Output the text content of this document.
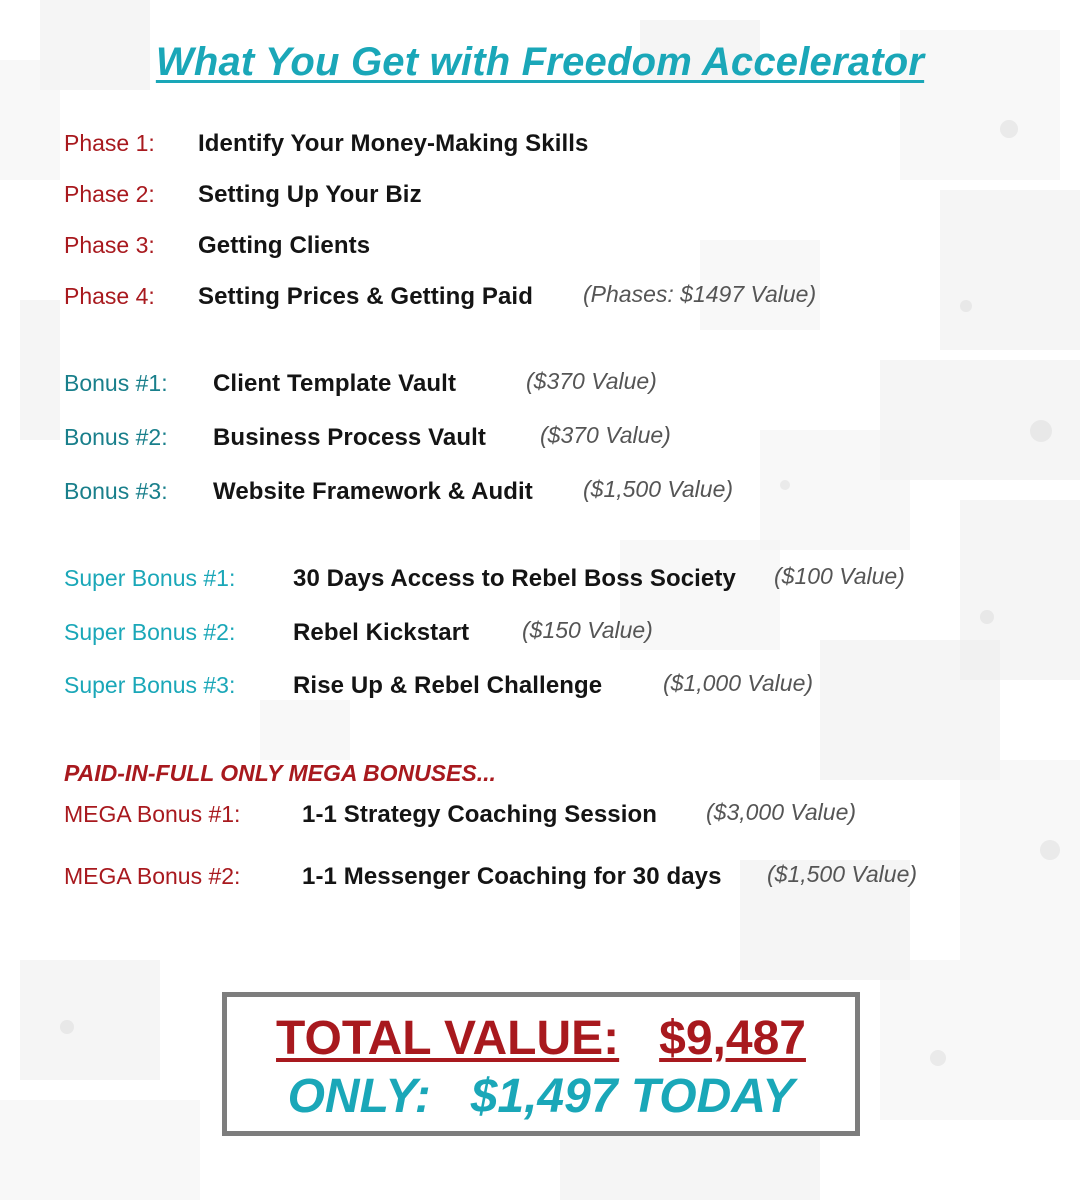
What You Get with Freedom Accelerator
Phase 1: Identify Your Money-Making Skills
Phase 2: Setting Up Your Biz
Phase 3: Getting Clients
Phase 4: Setting Prices & Getting Paid (Phases: $1497 Value)
Bonus #1: Client Template Vault	($370 Value)
Bonus #2: Business Process Vault ($370 Value)
Bonus #3: Website Framework & Audit ($1,500 Value)
Super Bonus #1: 30 Days Access to Rebel Boss Society ($100 Value)
Super Bonus #2: Rebel Kickstart ($150 Value)
Super Bonus #3: Rise Up & Rebel Challenge	($1,000 Value)
PAID-IN-FULL ONLY MEGA BONUSES...
MEGA Bonus #1:	1-1 Strategy Coaching Session ($3,000 Value)
MEGA Bonus #2:	1-1 Messenger Coaching for 30 days ($1,500 Value)
TOTAL VALUE: $9,487
ONLY: $1,497 TODAY
